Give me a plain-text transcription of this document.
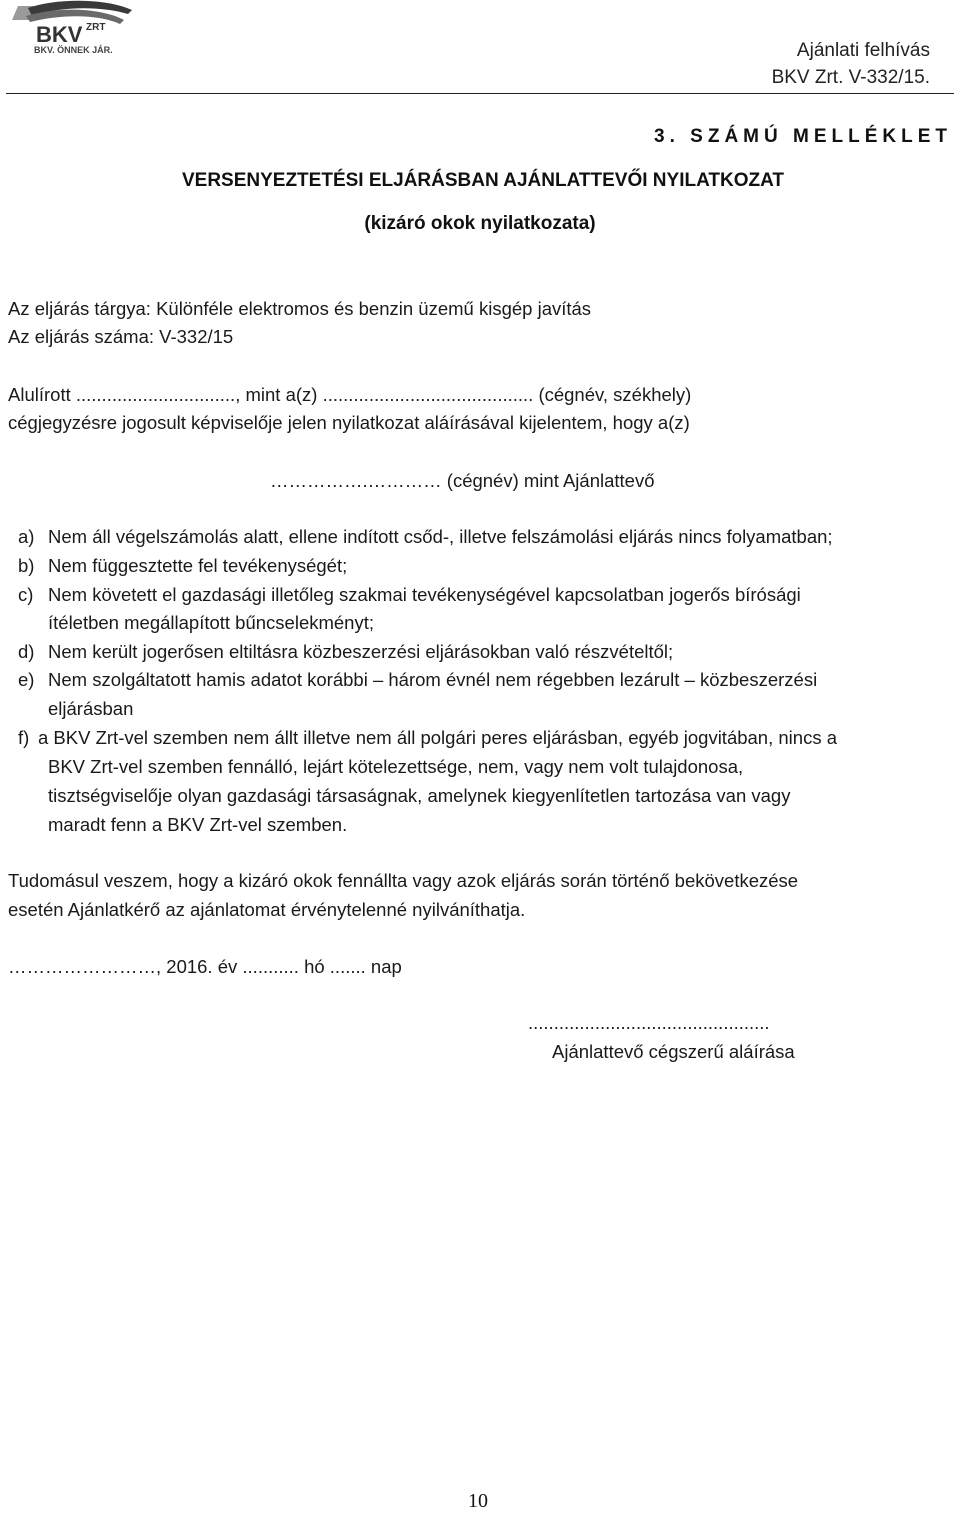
BKV ZRT
BKV. ÖNNEK JÁR.	Ajánlati felhívás
BKV Zrt. V-332/15.
3. SZÁMÚ MELLÉKLET
VERSENYEZTETÉSI ELJÁRÁSBAN AJÁNLATTEVŐI NYILATKOZAT
(kizáró okok nyilatkozata)
Az eljárás tárgya: Különféle elektromos és benzin üzemű kisgép javítás
Az eljárás száma: V-332/15
Alulírott ..............................., mint a(z) ......................................... (cégnév, székhely)
cégjegyzésre jogosult képviselője jelen nyilatkozat aláírásával kijelentem, hogy a(z)
…………….………… (cégnév) mint Ajánlattevő
a) Nem áll végelszámolás alatt, ellene indított csőd-, illetve felszámolási eljárás nincs folyamatban;
b) Nem függesztette fel tevékenységét;
c) Nem követett el gazdasági illetőleg szakmai tevékenységével kapcsolatban jogerős bírósági
ítéletben megállapított bűncselekményt;
d) Nem került jogerősen eltiltásra közbeszerzési eljárásokban való részvételtől;
e) Nem szolgáltatott hamis adatot korábbi – három évnél nem régebben lezárult – közbeszerzési
eljárásban
f) a BKV Zrt-vel szemben nem állt illetve nem áll polgári peres eljárásban, egyéb jogvitában, nincs a
BKV Zrt-vel szemben fennálló, lejárt kötelezettsége, nem, vagy nem volt tulajdonosa,
tisztségviselője olyan gazdasági társaságnak, amelynek kiegyenlítetlen tartozása van vagy
maradt fenn a BKV Zrt-vel szemben.
Tudomásul veszem, hogy a kizáró okok fennállta vagy azok eljárás során történő bekövetkezése
esetén Ajánlatkérő az ajánlatomat érvénytelenné nyilváníthatja.
……………………, 2016. év ........... hó ....... nap
...............................................
Ajánlattevő cégszerű aláírása
10
